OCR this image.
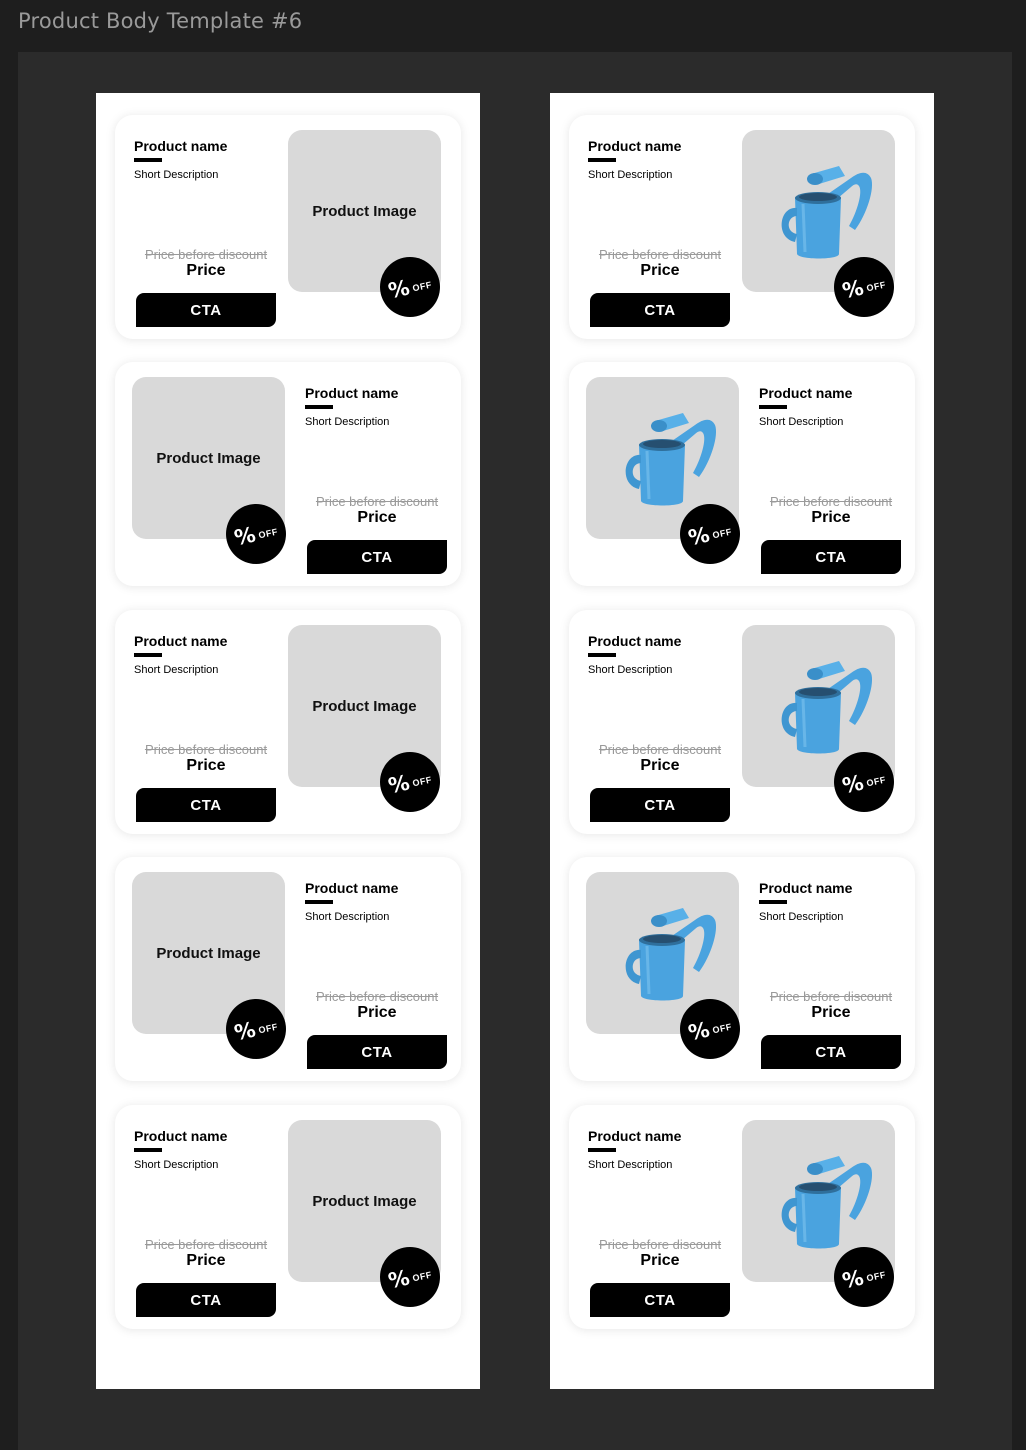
Product Body Template #6
Product Image
Product name
Short Description
Price before discount
Price
CTA
% OFF
Product Image
Product name
Short Description
Price before discount
Price
CTA
% OFF
Product Image
Product name
Short Description
Price before discount
Price
CTA
% OFF
Product Image
Product name
Short Description
Price before discount
Price
CTA
% OFF
Product Image
Product name
Short Description
Price before discount
Price
CTA
% OFF
Product name
Short Description
Price before discount
Price
CTA
% OFF
Product name
Short Description
Price before discount
Price
CTA
% OFF
Product name
Short Description
Price before discount
Price
CTA
% OFF
Product name
Short Description
Price before discount
Price
CTA
% OFF
Product name
Short Description
Price before discount
Price
CTA
% OFF
